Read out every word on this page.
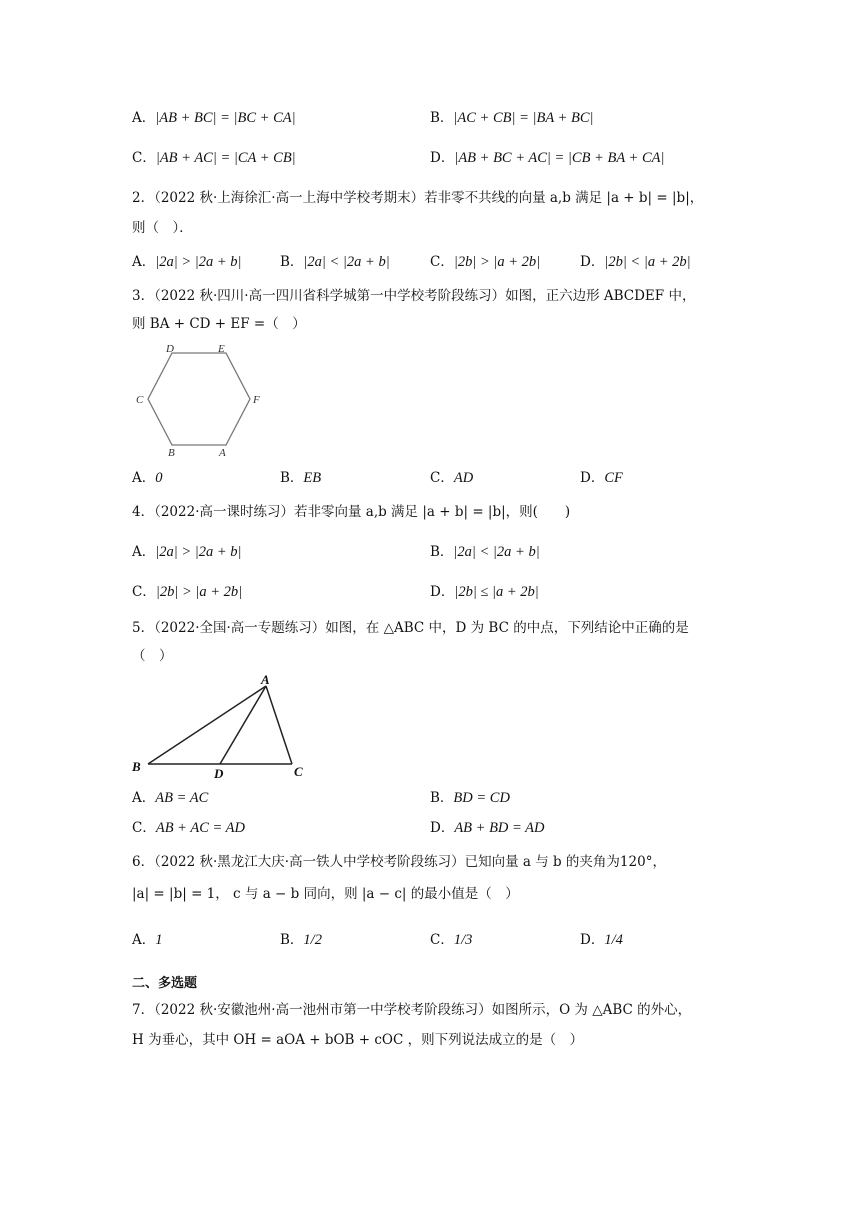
A．|AB + BC| = |BC + CA|	B．|AC + CB| = |BA + BC|
C．|AB + AC| = |CA + CB|	D．|AB + BC + AC| = |CB + BA + CA|
2．（2022 秋·上海徐汇·高一上海中学校考期末）若非零不共线的向量 a,b 满足 |a + b| = |b|，
则（　）．
A．|2a| > |2a + b|	B．|2a| < |2a + b|	C．|2b| > |a + 2b|	D．|2b| < |a + 2b|
3．（2022 秋·四川·高一四川省科学城第一中学校考阶段练习）如图，正六边形 ABCDEF 中，
则 BA + CD + EF =（　）
D	E
C	F
B	A
A．0	B．EB	C．AD	D．CF
4．（2022·高一课时练习）若非零向量 a,b 满足 |a + b| = |b|，则(　　)
A．|2a| > |2a + b|	B．|2a| < |2a + b|
C．|2b| > |a + 2b|	D．|2b| ≤ |a + 2b|
5．（2022·全国·高一专题练习）如图，在 △ABC 中，D 为 BC 的中点，下列结论中正确的是
（　）
A
B	D	C
A．AB = AC	B．BD = CD
C．AB + AC = AD	D．AB + BD = AD
6．（2022 秋·黑龙江大庆·高一铁人中学校考阶段练习）已知向量 a 与 b 的夹角为120°，
|a| = |b| = 1， c 与 a − b 同向，则 |a − c| 的最小值是（　）
A．1	B．1/2	C．1/3	D．1/4
二、多选题
7．（2022 秋·安徽池州·高一池州市第一中学校考阶段练习）如图所示，O 为 △ABC 的外心，
H 为垂心，其中 OH = aOA + bOB + cOC ，则下列说法成立的是（　）
